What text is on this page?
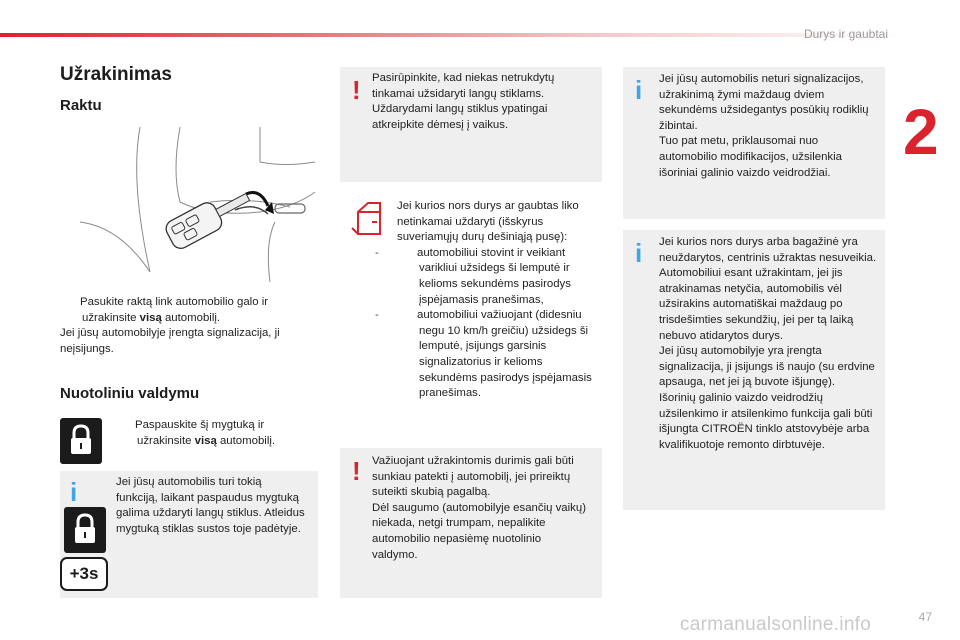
Durys ir gaubtai
2
Užrakinimas
Raktu
Pasukite raktą link automobilio galo ir užrakinsite visą automobilį.
Jei jūsų automobilyje įrengta signalizacija, ji neįsijungs.
Nuotoliniu valdymu
Paspauskite šį mygtuką ir užrakinsite visą automobilį.
i
+3s
Jei jūsų automobilis turi tokią funkciją, laikant paspaudus mygtuką galima uždaryti langų stiklus. Atleidus mygtuką stiklas sustos toje padėtyje.
! Pasirūpinkite, kad niekas netrukdytų tinkamai užsidaryti langų stiklams. Uždarydami langų stiklus ypatingai atkreipkite dėmesį į vaikus.
Jei kurios nors durys ar gaubtas liko netinkamai uždaryti (išskyrus suveriamųjų durų dešiniąją pusę):
-	automobiliui stovint ir veikiant varikliui užsidegs ši lemputė ir kelioms sekundėms pasirodys įspėjamasis pranešimas,
-	automobiliui važiuojant (didesniu negu 10 km/h greičiu) užsidegs ši lemputė, įsijungs garsinis signalizatorius ir kelioms sekundėms pasirodys įspėjamasis pranešimas.
! Važiuojant užrakintomis durimis gali būti sunkiau patekti į automobilį, jei prireiktų suteikti skubią pagalbą.
Dėl saugumo (automobilyje esančių vaikų) niekada, netgi trumpam, nepalikite automobilio nepasiėmę nuotolinio valdymo.
i Jei jūsų automobilis neturi signalizacijos, užrakinimą žymi maždaug dviem sekundėms užsidegantys posūkių rodiklių žibintai.
Tuo pat metu, priklausomai nuo automobilio modifikacijos, užsilenkia išoriniai galinio vaizdo veidrodžiai.
i Jei kurios nors durys arba bagažinė yra neuždarytos, centrinis užraktas nesuveikia.
Automobiliui esant užrakintam, jei jis atrakinamas netyčia, automobilis vėl užsirakins automatiškai maždaug po trisdešimties sekundžių, jei per tą laiką nebuvo atidarytos durys.
Jei jūsų automobilyje yra įrengta signalizacija, ji įsijungs iš naujo (su erdvine apsauga, net jei ją buvote išjungę).
Išorinių galinio vaizdo veidrodžių užsilenkimo ir atsilenkimo funkcija gali būti išjungta CITROËN tinklo atstovybėje arba kvalifikuotoje remonto dirbtuvėje.
carmanualsonline.info	47
